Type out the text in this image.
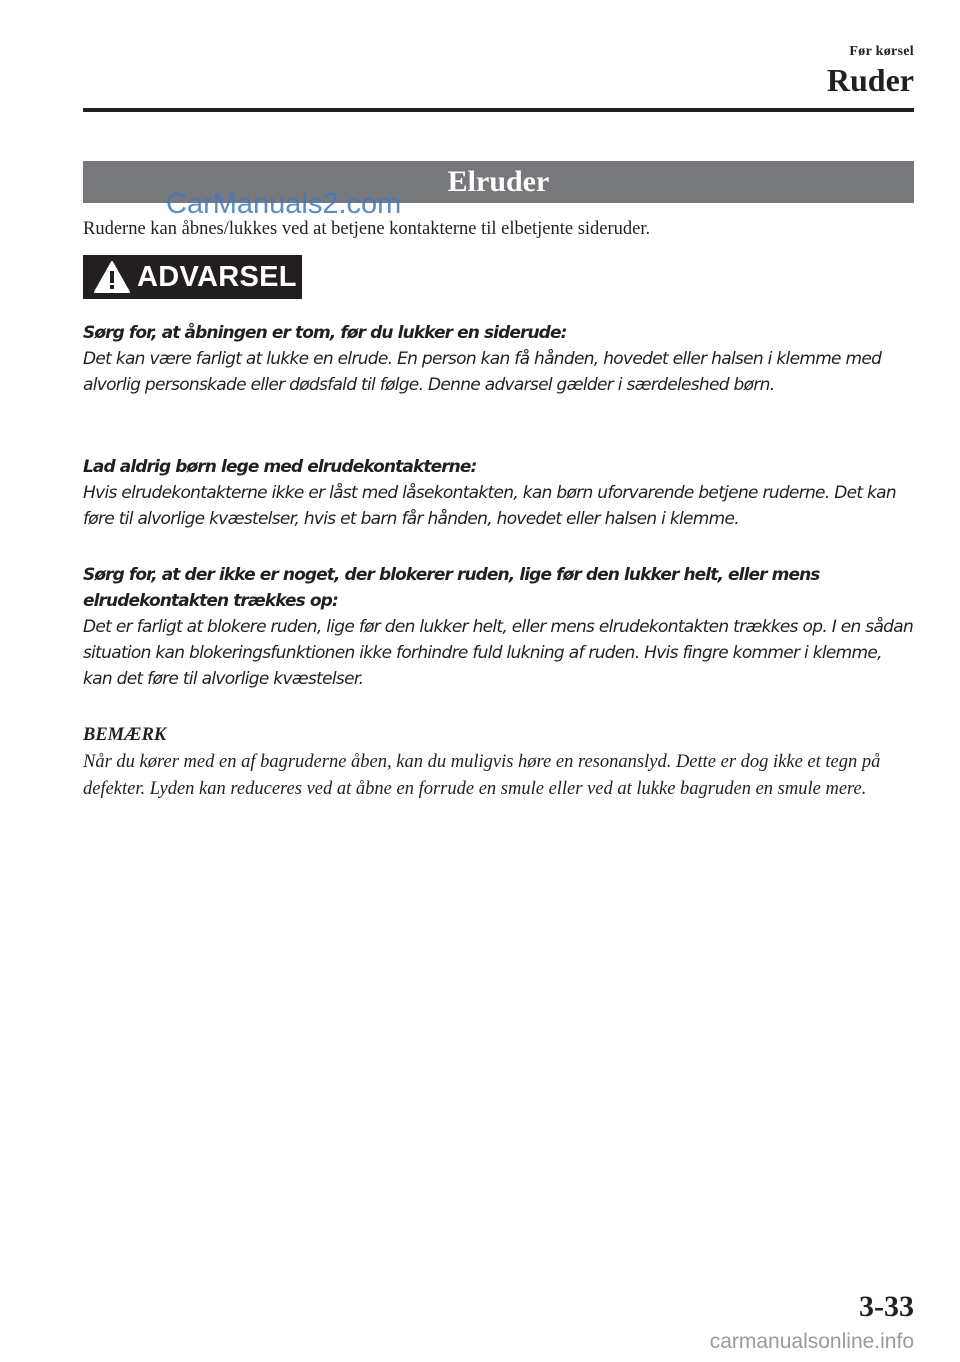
Før kørsel
Ruder
Elruder
CarManuals2.com
Ruderne kan åbnes/lukkes ved at betjene kontakterne til elbetjente sideruder.
ADVARSEL
Sørg for, at åbningen er tom, før du lukker en siderude:
Det kan være farligt at lukke en elrude. En person kan få hånden, hovedet eller halsen i klemme med alvorlig personskade eller dødsfald til følge. Denne advarsel gælder i særdeleshed børn.
Lad aldrig børn lege med elrudekontakterne:
Hvis elrudekontakterne ikke er låst med låsekontakten, kan børn uforvarende betjene ruderne. Det kan føre til alvorlige kvæstelser, hvis et barn får hånden, hovedet eller halsen i klemme.
Sørg for, at der ikke er noget, der blokerer ruden, lige før den lukker helt, eller mens elrudekontakten trækkes op:
Det er farligt at blokere ruden, lige før den lukker helt, eller mens elrudekontakten trækkes op. I en sådan situation kan blokeringsfunktionen ikke forhindre fuld lukning af ruden. Hvis fingre kommer i klemme, kan det føre til alvorlige kvæstelser.
BEMÆRK
Når du kører med en af bagruderne åben, kan du muligvis høre en resonanslyd. Dette er dog ikke et tegn på defekter. Lyden kan reduceres ved at åbne en forrude en smule eller ved at lukke bagruden en smule mere.
3-33
carmanualsonline.info
